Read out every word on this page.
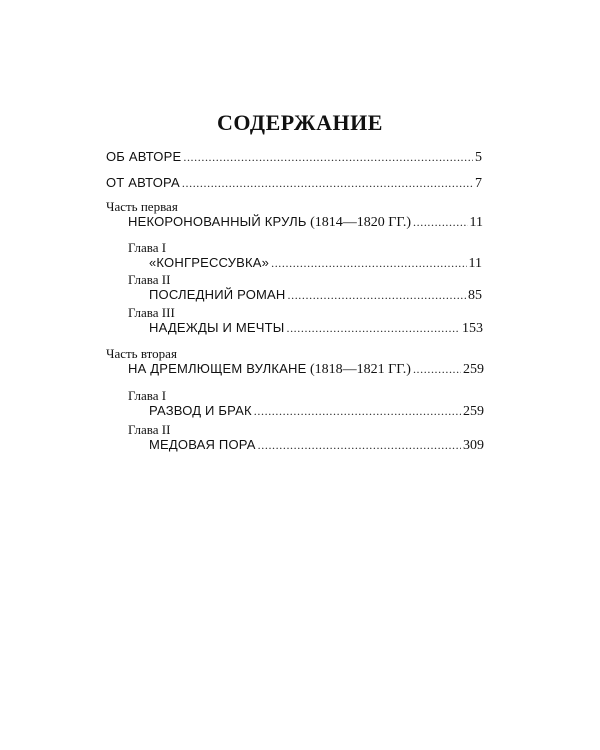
СОДЕРЖАНИЕ
ОБ АВТОРЕ .....	5
ОТ АВТОРА .....	7
Часть первая
НЕКОРОНОВАННЫЙ КРУЛЬ (1814—1820 ГГ.) .....	11
Глава I
«КОНГРЕССУВКА» .....	11
Глава II
ПОСЛЕДНИЙ РОМАН .....	85
Глава III
НАДЕЖДЫ И МЕЧТЫ .....	153
Часть вторая
НА ДРЕМЛЮЩЕМ ВУЛКАНЕ (1818—1821 ГГ.) .....	259
Глава I
РАЗВОД И БРАК .....	259
Глава II
МЕДОВАЯ ПОРА .....	309
